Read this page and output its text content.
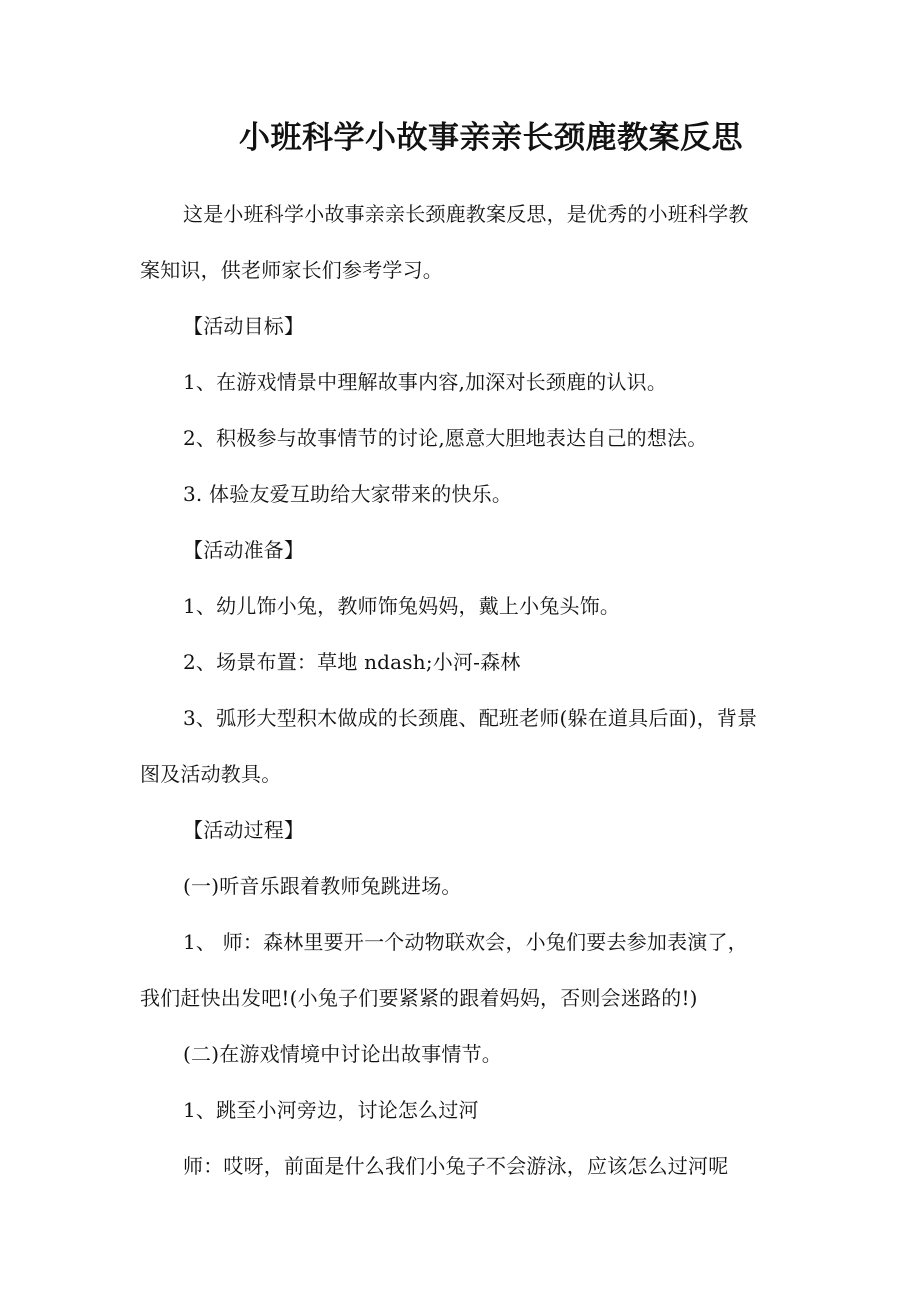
小班科学小故事亲亲长颈鹿教案反思
这是小班科学小故事亲亲长颈鹿教案反思，是优秀的小班科学教
案知识，供老师家长们参考学习。
【活动目标】
1、在游戏情景中理解故事内容,加深对长颈鹿的认识。
2、积极参与故事情节的讨论,愿意大胆地表达自己的想法。
3. 体验友爱互助给大家带来的快乐。
【活动准备】
1、幼儿饰小兔，教师饰兔妈妈，戴上小兔头饰。
2、场景布置：草地 ndash;小河-森林
3、弧形大型积木做成的长颈鹿、配班老师(躲在道具后面)，背景
图及活动教具。
【活动过程】
(一)听音乐跟着教师兔跳进场。
1、 师：森林里要开一个动物联欢会，小兔们要去参加表演了，
我们赶快出发吧!(小兔子们要紧紧的跟着妈妈，否则会迷路的!)
(二)在游戏情境中讨论出故事情节。
1、跳至小河旁边，讨论怎么过河
师：哎呀，前面是什么我们小兔子不会游泳，应该怎么过河呢
